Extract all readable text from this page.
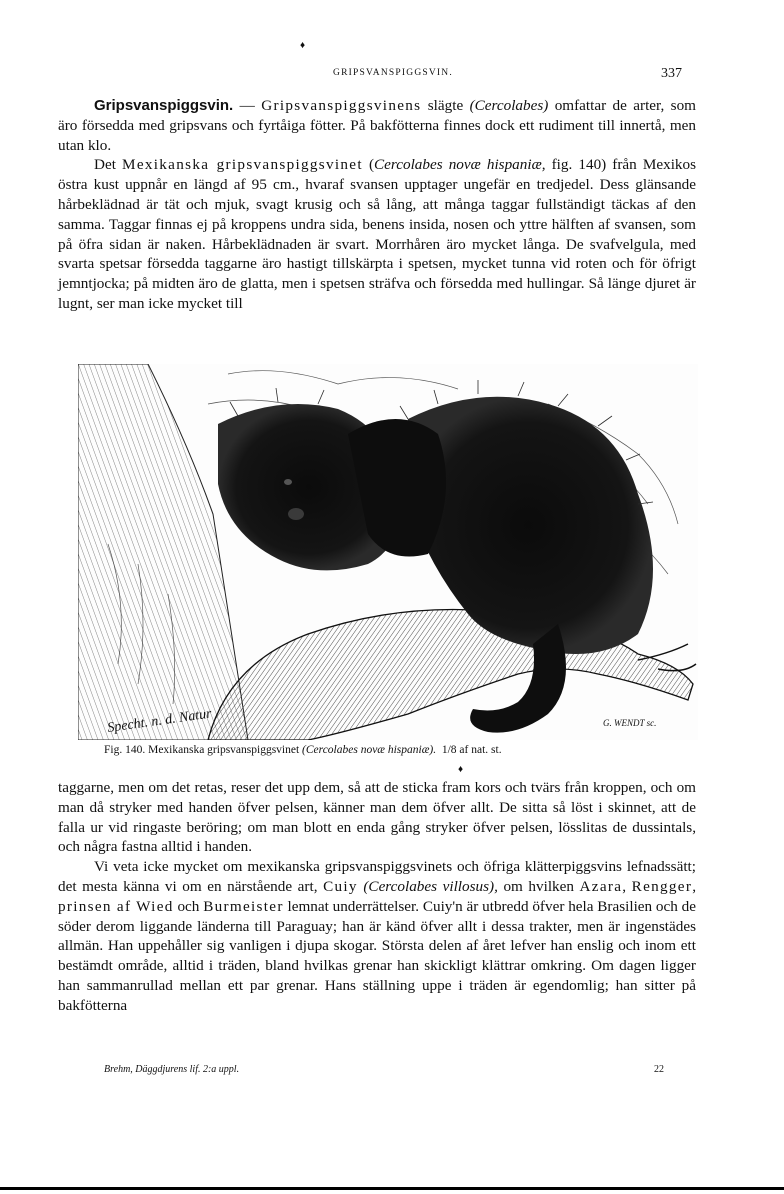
♦
GRIPSVANSPIGGSVIN.	337

Gripsvanspiggsvin. — Gripsvanspiggsvinens slägte (Cercolabes) omfattar de arter, som äro försedda med gripsvans och fyrtåiga fötter. På bakfötterna finnes dock ett rudiment till innertå, men utan klo.

Det Mexikanska gripsvanspiggsvinet (Cercolabes novæ hispaniæ, fig. 140) från Mexikos östra kust uppnår en längd af 95 cm., hvaraf svansen upptager ungefär en tredjedel. Dess glänsande hårbeklädnad är tät och mjuk, svagt krusig och så lång, att många taggar fullständigt täckas af den samma. Taggar finnas ej på kroppens undra sida, benens insida, nosen och yttre hälften af svansen, som på öfra sidan är naken. Hårbeklädnaden är svart. Morrhåren äro mycket långa. De svafvelgula, med svarta spetsar försedda taggarne äro hastigt tillskärpta i spetsen, mycket tunna vid roten och för öfrigt jemntjocka; på midten äro de glatta, men i spetsen sträfva och försedda med hullingar. Så länge djuret är lugnt, ser man icke mycket till

Specht. n. d. Natur	G. WENDT sc.
Fig. 140. Mexikanska gripsvanspiggsvinet (Cercolabes novæ hispaniæ). 1/8 af nat. st.
♦

taggarne, men om det retas, reser det upp dem, så att de sticka fram kors och tvärs från kroppen, och om man då stryker med handen öfver pelsen, känner man dem öfver allt. De sitta så löst i skinnet, att de falla ur vid ringaste beröring; om man blott en enda gång stryker öfver pelsen, lösslitas de dussintals, och några fastna alltid i handen.

Vi veta icke mycket om mexikanska gripsvanspiggsvinets och öfriga klätterpiggsvins lefnadssätt; det mesta känna vi om en närstående art, Cuiy (Cercolabes villosus), om hvilken Azara, Rengger, prinsen af Wied och Burmeister lemnat underrättelser. Cuiy'n är utbredd öfver hela Brasilien och de söder derom liggande länderna till Paraguay; han är känd öfver allt i dessa trakter, men är ingenstädes allmän. Han uppehåller sig vanligen i djupa skogar. Största delen af året lefver han enslig och inom ett bestämdt område, alltid i träden, bland hvilkas grenar han skickligt klättrar omkring. Om dagen ligger han sammanrullad mellan ett par grenar. Hans ställning uppe i träden är egendomlig; han sitter på bakfötterna

Brehm, Däggdjurens lif. 2:a uppl.	22
